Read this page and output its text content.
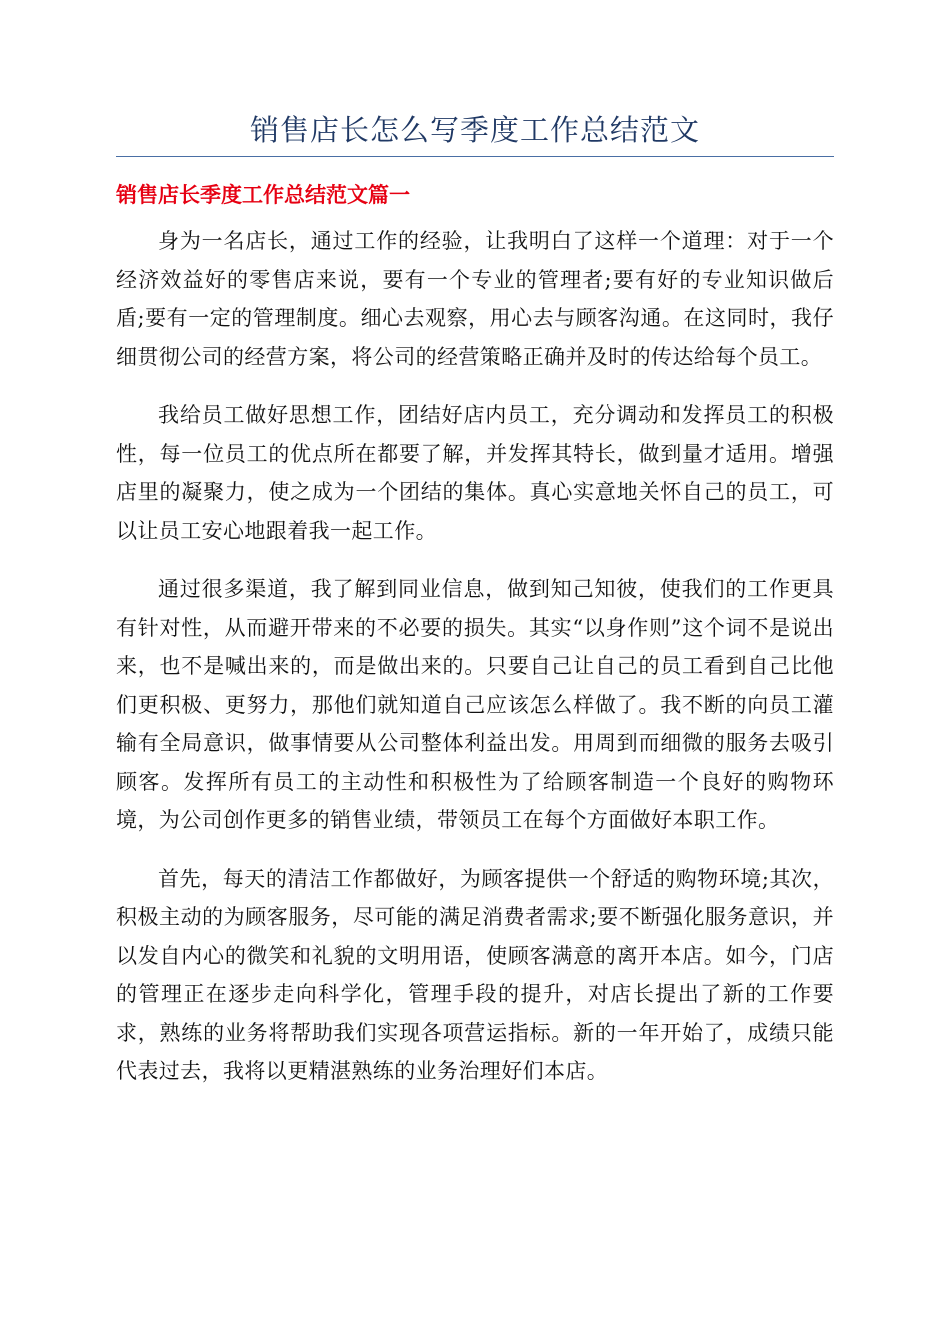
销售店长怎么写季度工作总结范文
销售店长季度工作总结范文篇一

身为一名店长，通过工作的经验，让我明白了这样一个道理：对于一个经济效益好的零售店来说，要有一个专业的管理者;要有好的专业知识做后盾;要有一定的管理制度。细心去观察，用心去与顾客沟通。在这同时，我仔细贯彻公司的经营方案，将公司的经营策略正确并及时的传达给每个员工。

我给员工做好思想工作，团结好店内员工，充分调动和发挥员工的积极性，每一位员工的优点所在都要了解，并发挥其特长，做到量才适用。增强店里的凝聚力，使之成为一个团结的集体。真心实意地关怀自己的员工，可以让员工安心地跟着我一起工作。

通过很多渠道，我了解到同业信息，做到知己知彼，使我们的工作更具有针对性，从而避开带来的不必要的损失。其实“以身作则”这个词不是说出来，也不是喊出来的，而是做出来的。只要自己让自己的员工看到自己比他们更积极、更努力，那他们就知道自己应该怎么样做了。我不断的向员工灌输有全局意识，做事情要从公司整体利益出发。用周到而细微的服务去吸引顾客。发挥所有员工的主动性和积极性为了给顾客制造一个良好的购物环境，为公司创作更多的销售业绩，带领员工在每个方面做好本职工作。

首先，每天的清洁工作都做好，为顾客提供一个舒适的购物环境;其次，积极主动的为顾客服务，尽可能的满足消费者需求;要不断强化服务意识，并以发自内心的微笑和礼貌的文明用语，使顾客满意的离开本店。如今，门店的管理正在逐步走向科学化，管理手段的提升，对店长提出了新的工作要求，熟练的业务将帮助我们实现各项营运指标。新的一年开始了，成绩只能代表过去，我将以更精湛熟练的业务治理好们本店。
